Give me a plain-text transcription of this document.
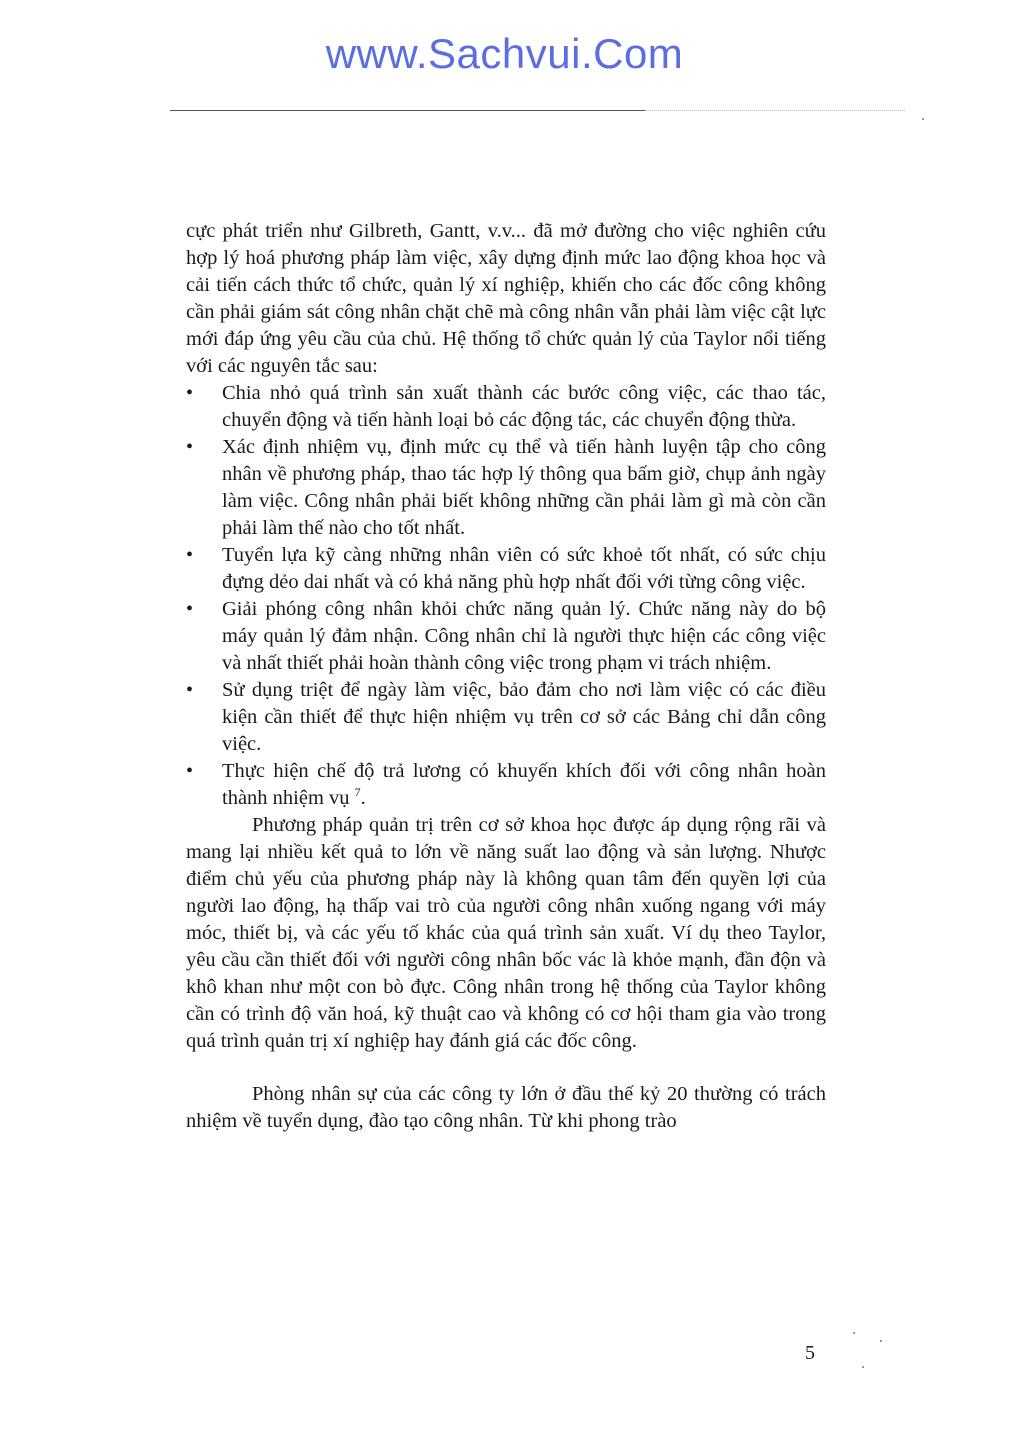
www.Sachvui.Com

cực phát triển như Gilbreth, Gantt, v.v... đã mở đường cho việc nghiên cứu hợp lý hoá phương pháp làm việc, xây dựng định mức lao động khoa học và cải tiến cách thức tổ chức, quản lý xí nghiệp, khiến cho các đốc công không cần phải giám sát công nhân chặt chẽ mà công nhân vẫn phải làm việc cật lực mới đáp ứng yêu cầu của chủ. Hệ thống tổ chức quản lý của Taylor nổi tiếng với các nguyên tắc sau:

•	Chia nhỏ quá trình sản xuất thành các bước công việc, các thao tác, chuyển động và tiến hành loại bỏ các động tác, các chuyển động thừa.
•	Xác định nhiệm vụ, định mức cụ thể và tiến hành luyện tập cho công nhân về phương pháp, thao tác hợp lý thông qua bấm giờ, chụp ảnh ngày làm việc. Công nhân phải biết không những cần phải làm gì mà còn cần phải làm thế nào cho tốt nhất.
•	Tuyển lựa kỹ càng những nhân viên có sức khoẻ tốt nhất, có sức chịu đựng dẻo dai nhất và có khả năng phù hợp nhất đối với từng công việc.
•	Giải phóng công nhân khỏi chức năng quản lý. Chức năng này do bộ máy quản lý đảm nhận. Công nhân chỉ là người thực hiện các công việc và nhất thiết phải hoàn thành công việc trong phạm vi trách nhiệm.
•	Sử dụng triệt để ngày làm việc, bảo đảm cho nơi làm việc có các điều kiện cần thiết để thực hiện nhiệm vụ trên cơ sở các Bảng chỉ dẫn công việc.
•	Thực hiện chế độ trả lương có khuyến khích đối với công nhân hoàn thành nhiệm vụ $^7$.

Phương pháp quản trị trên cơ sở khoa học được áp dụng rộng rãi và mang lại nhiều kết quả to lớn về năng suất lao động và sản lượng. Nhược điểm chủ yếu của phương pháp này là không quan tâm đến quyền lợi của người lao động, hạ thấp vai trò của người công nhân xuống ngang với máy móc, thiết bị, và các yếu tố khác của quá trình sản xuất. Ví dụ theo Taylor, yêu cầu cần thiết đối với người công nhân bốc vác là khỏe mạnh, đần độn và khô khan như một con bò đực. Công nhân trong hệ thống của Taylor không cần có trình độ văn hoá, kỹ thuật cao và không có cơ hội tham gia vào trong quá trình quản trị xí nghiệp hay đánh giá các đốc công.

Phòng nhân sự của các công ty lớn ở đầu thế kỷ 20 thường có trách nhiệm về tuyển dụng, đào tạo công nhân. Từ khi phong trào

5
